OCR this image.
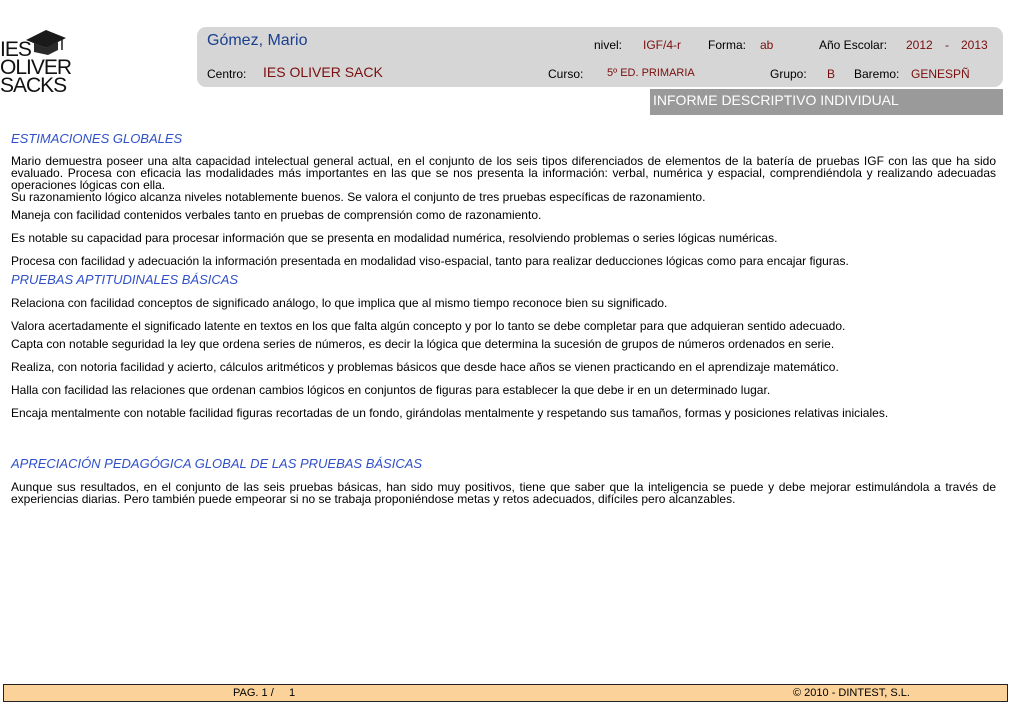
IES
OLIVER
SACKS
Gómez, Mario	nivel: IGF/4-r Forma: ab	Año Escolar: 2012 - 2013
Centro: IES OLIVER SACK	Curso: 5º ED. PRIMARIA	Grupo: B Baremo: GENESPÑ
INFORME DESCRIPTIVO INDIVIDUAL
ESTIMACIONES GLOBALES

Mario demuestra poseer una alta capacidad intelectual general actual, en el conjunto de los seis tipos diferenciados de elementos de la batería de pruebas IGF con las que ha sido evaluado. Procesa con eficacia las modalidades más importantes en las que se nos presenta la información: verbal, numérica y espacial, comprendiéndola y realizando adecuadas operaciones lógicas con ella.

Su razonamiento lógico alcanza niveles notablemente buenos. Se valora el conjunto de tres pruebas específicas de razonamiento.

Maneja con facilidad contenidos verbales tanto en pruebas de comprensión como de razonamiento.

Es notable su capacidad para procesar información que se presenta en modalidad numérica, resolviendo problemas o series lógicas numéricas.

Procesa con facilidad y adecuación la información presentada en modalidad viso-espacial, tanto para realizar deducciones lógicas como para encajar figuras.

PRUEBAS APTITUDINALES BÁSICAS

Relaciona con facilidad conceptos de significado análogo, lo que implica que al mismo tiempo reconoce bien su significado.

Valora acertadamente el significado latente en textos en los que falta algún concepto y por lo tanto se debe completar para que adquieran sentido adecuado.

Capta con notable seguridad la ley que ordena series de números, es decir la lógica que determina la sucesión de grupos de números ordenados en serie.

Realiza, con notoria facilidad y acierto, cálculos aritméticos y problemas básicos que desde hace años se vienen practicando en el aprendizaje matemático.

Halla con facilidad las relaciones que ordenan cambios lógicos en conjuntos de figuras para establecer la que debe ir en un determinado lugar.

Encaja mentalmente con notable facilidad figuras recortadas de un fondo, girándolas mentalmente y respetando sus tamaños, formas y posiciones relativas iniciales.

APRECIACIÓN PEDAGÓGICA GLOBAL DE LAS PRUEBAS BÁSICAS

Aunque sus resultados, en el conjunto de las seis pruebas básicas, han sido muy positivos, tiene que saber que la inteligencia se puede y debe mejorar estimulándola a través de experiencias diarias. Pero también puede empeorar si no se trabaja proponiéndose metas y retos adecuados, difíciles pero alcanzables.

PAG. 1 / 1	© 2010 - DINTEST, S.L.
